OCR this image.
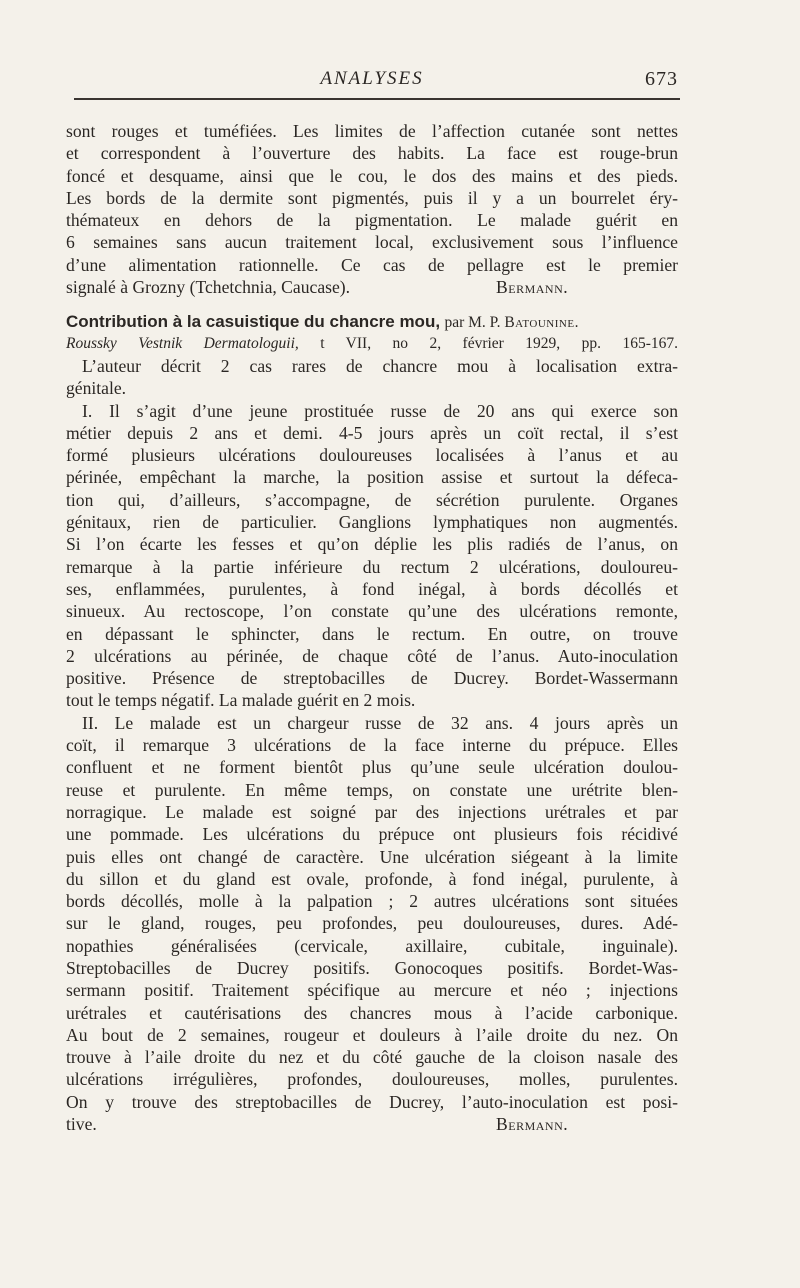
ANALYSES	673
sont rouges et tuméfiées. Les limites de l’affection cutanée sont nettes
et correspondent à l’ouverture des habits. La face est rouge-brun
foncé et desquame, ainsi que le cou, le dos des mains et des pieds.
Les bords de la dermite sont pigmentés, puis il y a un bourrelet éry-
thémateux en dehors de la pigmentation. Le malade guérit en
6 semaines sans aucun traitement local, exclusivement sous l’influence
d’une alimentation rationnelle. Ce cas de pellagre est le premier
signalé à Grozny (Tchetchnia, Caucase).	Bermann.
Contribution à la casuistique du chancre mou, par M. P. Batounine.
Roussky Vestnik Dermatologuii, t VII, no 2, février 1929, pp. 165-167.
L’auteur décrit 2 cas rares de chancre mou à localisation extra-
génitale.
I. Il s’agit d’une jeune prostituée russe de 20 ans qui exerce son
métier depuis 2 ans et demi. 4-5 jours après un coït rectal, il s’est
formé plusieurs ulcérations douloureuses localisées à l’anus et au
périnée, empêchant la marche, la position assise et surtout la défeca-
tion qui, d’ailleurs, s’accompagne, de sécrétion purulente. Organes
génitaux, rien de particulier. Ganglions lymphatiques non augmentés.
Si l’on écarte les fesses et qu’on déplie les plis radiés de l’anus, on
remarque à la partie inférieure du rectum 2 ulcérations, douloureu-
ses, enflammées, purulentes, à fond inégal, à bords décollés et
sinueux. Au rectoscope, l’on constate qu’une des ulcérations remonte,
en dépassant le sphincter, dans le rectum. En outre, on trouve
2 ulcérations au périnée, de chaque côté de l’anus. Auto-inoculation
positive. Présence de streptobacilles de Ducrey. Bordet-Wassermann
tout le temps négatif. La malade guérit en 2 mois.
II. Le malade est un chargeur russe de 32 ans. 4 jours après un
coït, il remarque 3 ulcérations de la face interne du prépuce. Elles
confluent et ne forment bientôt plus qu’une seule ulcération doulou-
reuse et purulente. En même temps, on constate une urétrite blen-
norragique. Le malade est soigné par des injections urétrales et par
une pommade. Les ulcérations du prépuce ont plusieurs fois récidivé
puis elles ont changé de caractère. Une ulcération siégeant à la limite
du sillon et du gland est ovale, profonde, à fond inégal, purulente, à
bords décollés, molle à la palpation ; 2 autres ulcérations sont situées
sur le gland, rouges, peu profondes, peu douloureuses, dures. Adé-
nopathies généralisées (cervicale, axillaire, cubitale, inguinale).
Streptobacilles de Ducrey positifs. Gonocoques positifs. Bordet-Was-
sermann positif. Traitement spécifique au mercure et néo ; injections
urétrales et cautérisations des chancres mous à l’acide carbonique.
Au bout de 2 semaines, rougeur et douleurs à l’aile droite du nez. On
trouve à l’aile droite du nez et du côté gauche de la cloison nasale des
ulcérations irrégulières, profondes, douloureuses, molles, purulentes.
On y trouve des streptobacilles de Ducrey, l’auto-inoculation est posi-
tive.	Bermann.
